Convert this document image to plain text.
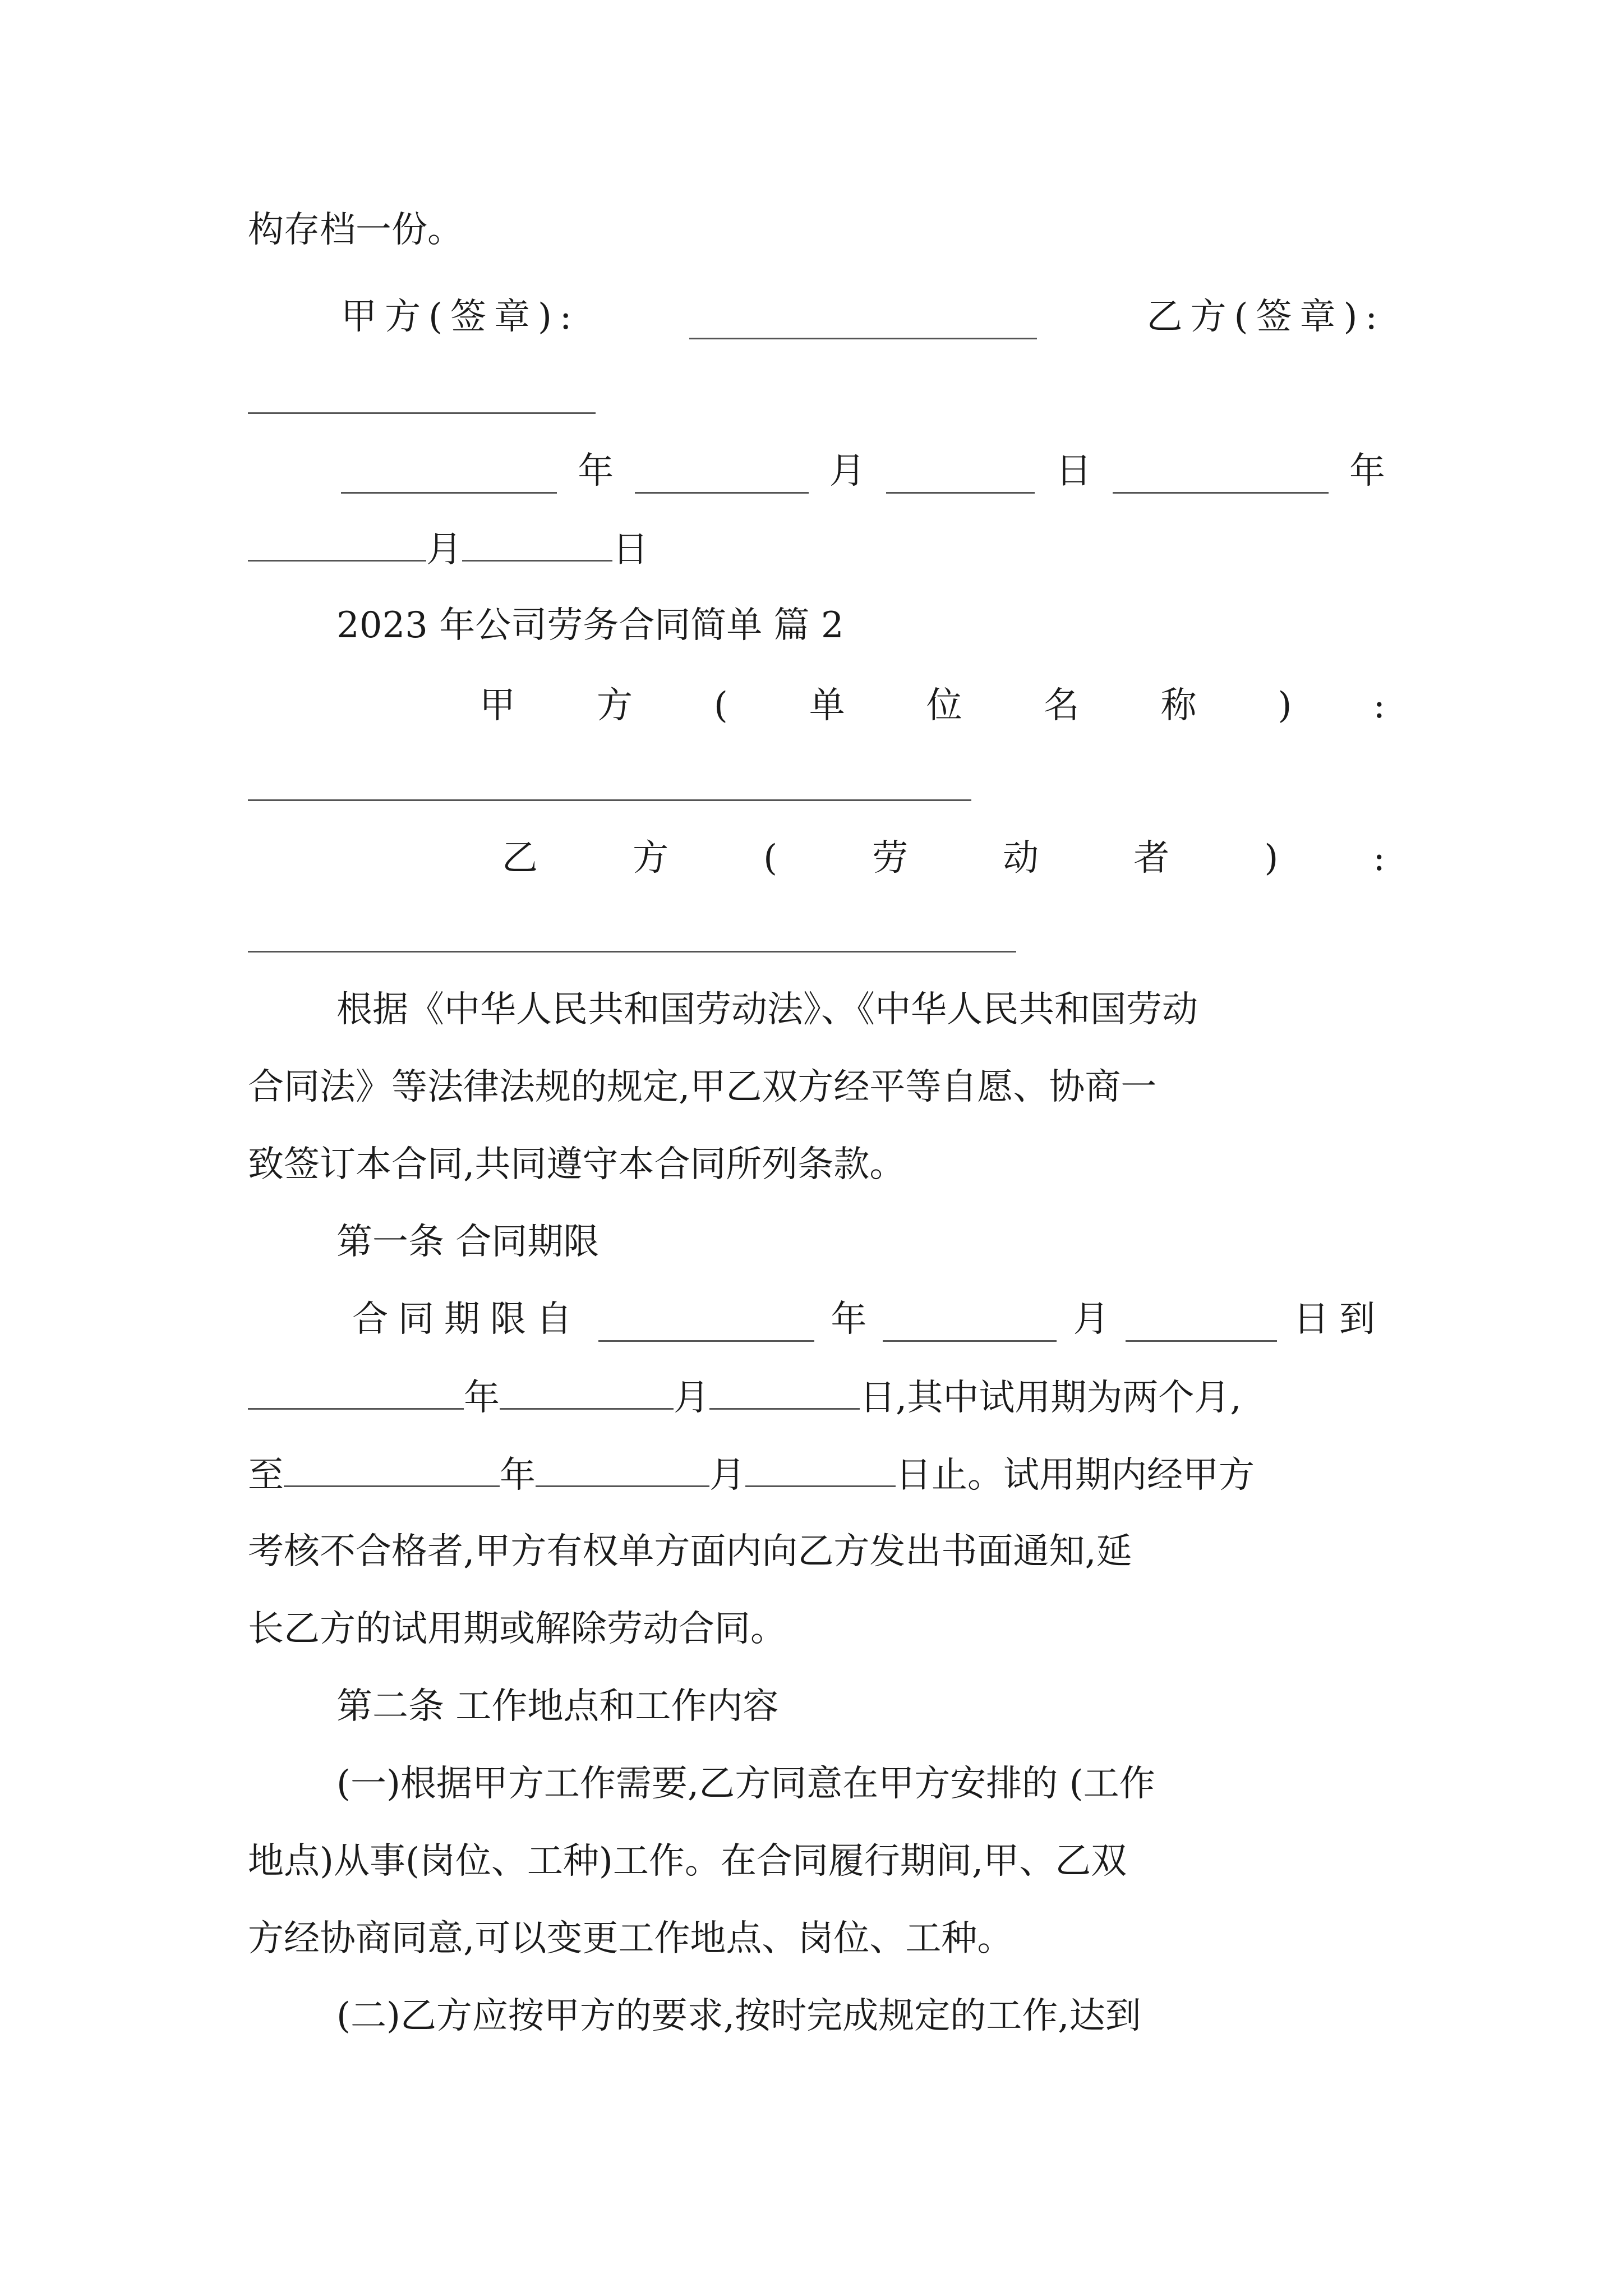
构存档一份。
甲方(签章):	乙方(签章):
年	月	日	年
月	日
2023 年公司劳务合同简单 篇 2
甲 方 ( 单 位 名 称 ) :
乙	方	(	劳	动	者	)	:
根据《中华人民共和国劳动法》、《中华人民共和国劳动
合同法》等法律法规的规定,甲乙双方经平等自愿、协商一
致签订本合同,共同遵守本合同所列条款。
第一条 合同期限
合同期限自	年	月	日到
年	月	日,其中试用期为两个月,
至	年	月	日止。试用期内经甲方
考核不合格者,甲方有权单方面内向乙方发出书面通知,延
长乙方的试用期或解除劳动合同。
第二条 工作地点和工作内容
(一)根据甲方工作需要,乙方同意在甲方安排的 (工作
地点)从事(岗位、工种)工作。在合同履行期间,甲、乙双
方经协商同意,可以变更工作地点、岗位、工种。
(二)乙方应按甲方的要求,按时完成规定的工作,达到
